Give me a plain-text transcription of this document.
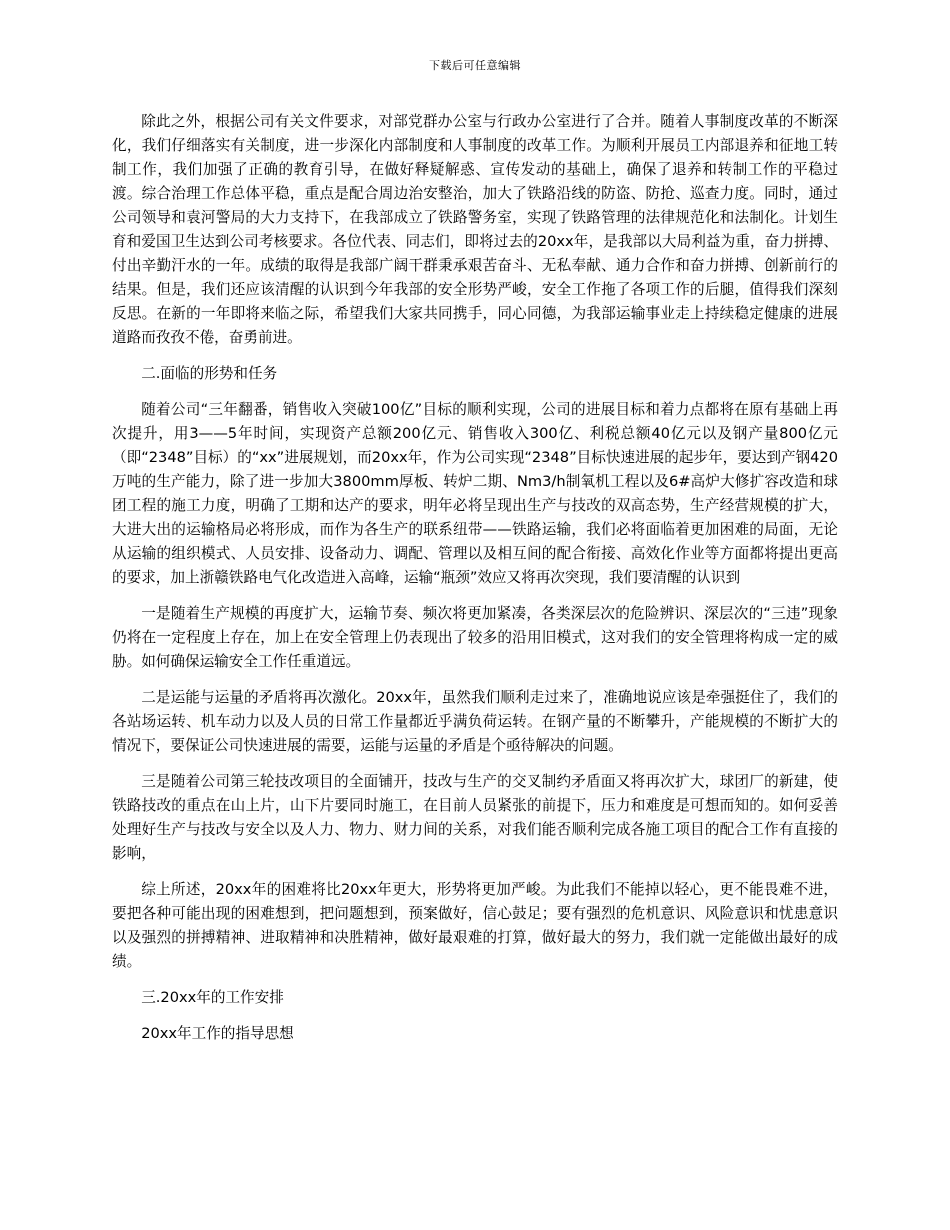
下载后可任意编辑

除此之外，根据公司有关文件要求，对部党群办公室与行政办公室进行了合并。随着人事制度改革的不断深化，我们仔细落实有关制度，进一步深化内部制度和人事制度的改革工作。为顺利开展员工内部退养和征地工转制工作，我们加强了正确的教育引导，在做好释疑解惑、宣传发动的基础上，确保了退养和转制工作的平稳过渡。综合治理工作总体平稳，重点是配合周边治安整治，加大了铁路沿线的防盗、防抢、巡查力度。同时，通过公司领导和袁河警局的大力支持下，在我部成立了铁路警务室，实现了铁路管理的法律规范化和法制化。计划生育和爱国卫生达到公司考核要求。各位代表、同志们，即将过去的20xx年，是我部以大局利益为重，奋力拼搏、付出辛勤汗水的一年。成绩的取得是我部广阔干群秉承艰苦奋斗、无私奉献、通力合作和奋力拼搏、创新前行的结果。但是，我们还应该清醒的认识到今年我部的安全形势严峻，安全工作拖了各项工作的后腿，值得我们深刻反思。在新的一年即将来临之际，希望我们大家共同携手，同心同德，为我部运输事业走上持续稳定健康的进展道路而孜孜不倦，奋勇前进。

二.面临的形势和任务

随着公司“三年翻番，销售收入突破100亿”目标的顺利实现，公司的进展目标和着力点都将在原有基础上再次提升，用3——5年时间，实现资产总额200亿元、销售收入300亿、利税总额40亿元以及钢产量800亿元（即“2348”目标）的“xx”进展规划，而20xx年，作为公司实现“2348”目标快速进展的起步年，要达到产钢420万吨的生产能力，除了进一步加大3800mm厚板、转炉二期、Nm3/h制氧机工程以及6#高炉大修扩容改造和球团工程的施工力度，明确了工期和达产的要求，明年必将呈现出生产与技改的双高态势，生产经营规模的扩大，大进大出的运输格局必将形成，而作为各生产的联系纽带——铁路运输，我们必将面临着更加困难的局面，无论从运输的组织模式、人员安排、设备动力、调配、管理以及相互间的配合衔接、高效化作业等方面都将提出更高的要求，加上浙赣铁路电气化改造进入高峰，运输“瓶颈”效应又将再次突现，我们要清醒的认识到

一是随着生产规模的再度扩大，运输节奏、频次将更加紧凑，各类深层次的危险辨识、深层次的“三违”现象仍将在一定程度上存在，加上在安全管理上仍表现出了较多的沿用旧模式，这对我们的安全管理将构成一定的威胁。如何确保运输安全工作任重道远。

二是运能与运量的矛盾将再次激化。20xx年，虽然我们顺利走过来了，准确地说应该是牵强挺住了，我们的各站场运转、机车动力以及人员的日常工作量都近乎满负荷运转。在钢产量的不断攀升，产能规模的不断扩大的情况下，要保证公司快速进展的需要，运能与运量的矛盾是个亟待解决的问题。

三是随着公司第三轮技改项目的全面铺开，技改与生产的交叉制约矛盾面又将再次扩大，球团厂的新建，使铁路技改的重点在山上片，山下片要同时施工，在目前人员紧张的前提下，压力和难度是可想而知的。如何妥善处理好生产与技改与安全以及人力、物力、财力间的关系，对我们能否顺利完成各施工项目的配合工作有直接的影响，

综上所述，20xx年的困难将比20xx年更大，形势将更加严峻。为此我们不能掉以轻心，更不能畏难不进，要把各种可能出现的困难想到，把问题想到，预案做好，信心鼓足；要有强烈的危机意识、风险意识和忧患意识以及强烈的拼搏精神、进取精神和决胜精神，做好最艰难的打算，做好最大的努力，我们就一定能做出最好的成绩。

三.20xx年的工作安排

20xx年工作的指导思想
